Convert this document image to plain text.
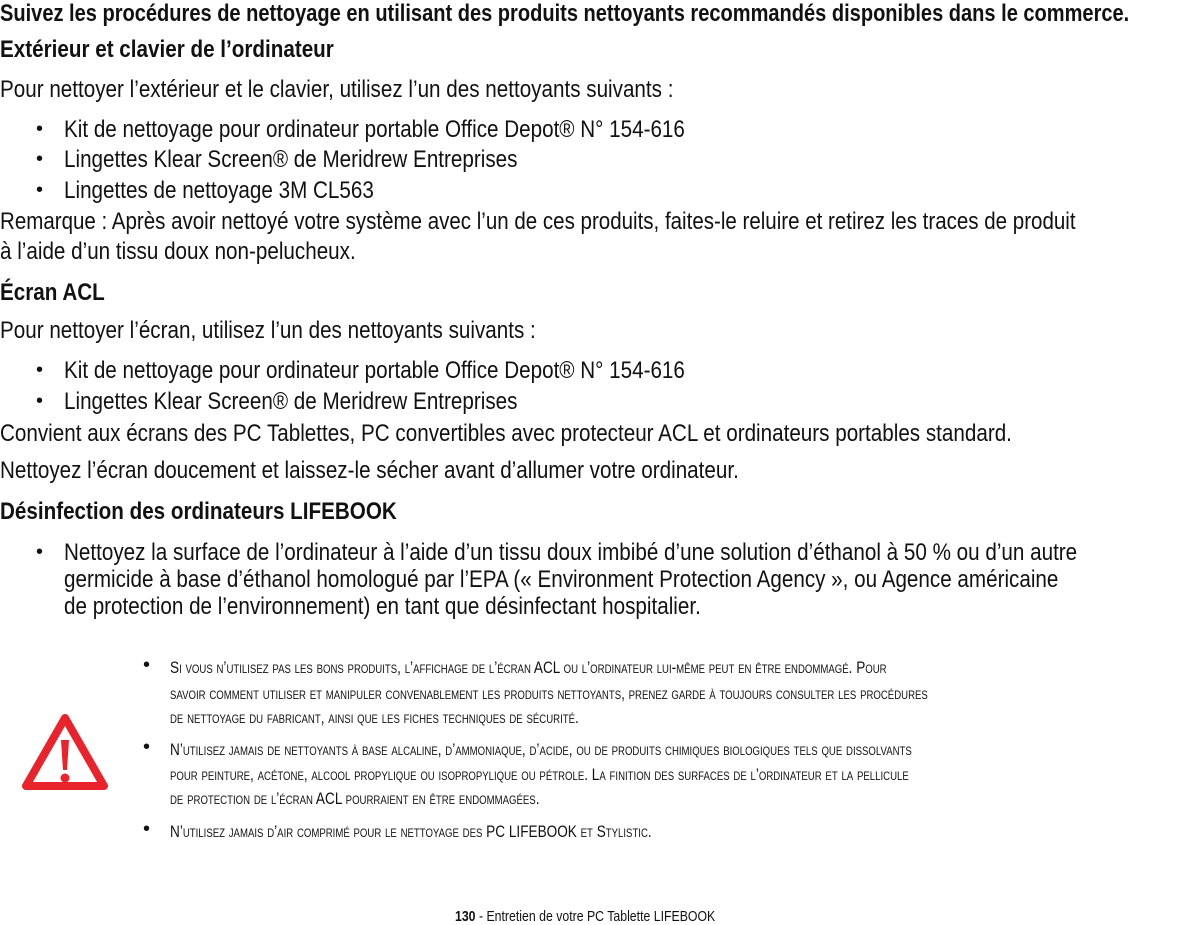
Suivez les procédures de nettoyage en utilisant des produits nettoyants recommandés disponibles dans le commerce.
Extérieur et clavier de l’ordinateur
Pour nettoyer l’extérieur et le clavier, utilisez l’un des nettoyants suivants :
• Kit de nettoyage pour ordinateur portable Office Depot® N° 154-616
• Lingettes Klear Screen® de Meridrew Entreprises
• Lingettes de nettoyage 3M CL563
Remarque : Après avoir nettoyé votre système avec l’un de ces produits, faites-le reluire et retirez les traces de produit
à l’aide d’un tissu doux non-pelucheux.
Écran ACL
Pour nettoyer l’écran, utilisez l’un des nettoyants suivants :
• Kit de nettoyage pour ordinateur portable Office Depot® N° 154-616
• Lingettes Klear Screen® de Meridrew Entreprises
Convient aux écrans des PC Tablettes, PC convertibles avec protecteur ACL et ordinateurs portables standard.
Nettoyez l’écran doucement et laissez-le sécher avant d’allumer votre ordinateur.
Désinfection des ordinateurs LIFEBOOK
• Nettoyez la surface de l’ordinateur à l’aide d’un tissu doux imbibé d’une solution d’éthanol à 50 % ou d’un autre
germicide à base d’éthanol homologué par l’EPA (« Environment Protection Agency », ou Agence américaine
de protection de l’environnement) en tant que désinfectant hospitalier.
• Si vous n’utilisez pas les bons produits, l’affichage de l’écran ACL ou l’ordinateur lui-même peut en être endommagé. Pour
savoir comment utiliser et manipuler convenablement les produits nettoyants, prenez garde à toujours consulter les procédures
de nettoyage du fabricant, ainsi que les fiches techniques de sécurité.
• N’utilisez jamais de nettoyants à base alcaline, d’ammoniaque, d’acide, ou de produits chimiques biologiques tels que dissolvants
pour peinture, acétone, alcool propylique ou isopropylique ou pétrole. La finition des surfaces de l’ordinateur et la pellicule
de protection de l’écran ACL pourraient en être endommagées.
• N’utilisez jamais d’air comprimé pour le nettoyage des PC LIFEBOOK et Stylistic.
130 - Entretien de votre PC Tablette LIFEBOOK
